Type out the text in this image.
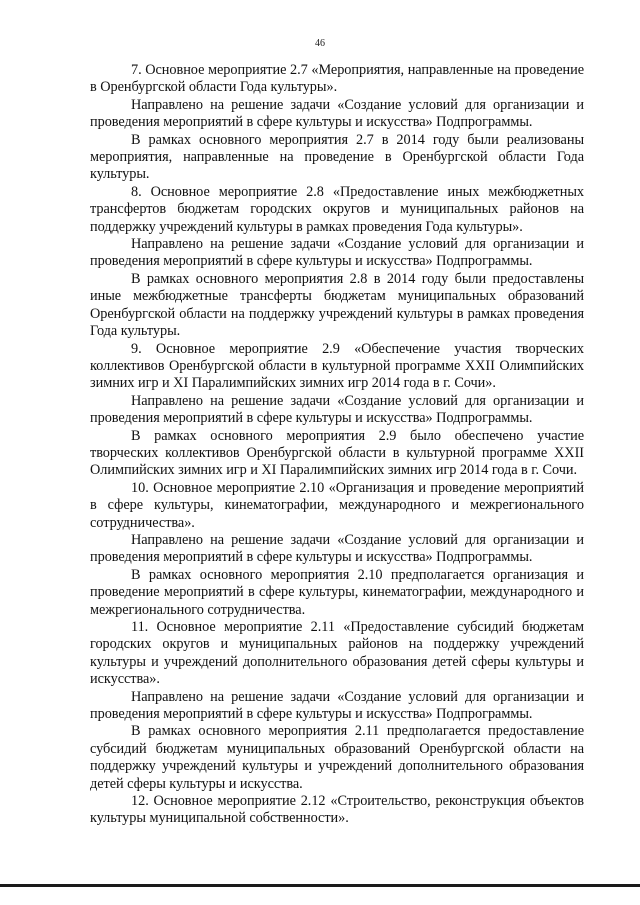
46

7. Основное мероприятие 2.7 «Мероприятия, направленные на проведение в Оренбургской области Года культуры».

Направлено на решение задачи «Создание условий для организации и проведения мероприятий в сфере культуры и искусства» Подпрограммы.

В рамках основного мероприятия 2.7 в 2014 году были реализованы мероприятия, направленные на проведение в Оренбургской области Года культуры.

8. Основное мероприятие 2.8 «Предоставление иных межбюджетных трансфертов бюджетам городских округов и муниципальных районов на поддержку учреждений культуры в рамках проведения Года культуры».

Направлено на решение задачи «Создание условий для организации и проведения мероприятий в сфере культуры и искусства» Подпрограммы.

В рамках основного мероприятия 2.8 в 2014 году были предоставлены иные межбюджетные трансферты бюджетам муниципальных образований Оренбургской области на поддержку учреждений культуры в рамках проведения Года культуры.

9. Основное мероприятие 2.9 «Обеспечение участия творческих коллективов Оренбургской области в культурной программе XXII Олимпийских зимних игр и XI Паралимпийских зимних игр 2014 года в г. Сочи».

Направлено на решение задачи «Создание условий для организации и проведения мероприятий в сфере культуры и искусства» Подпрограммы.

В рамках основного мероприятия 2.9 было обеспечено участие творческих коллективов Оренбургской области в культурной программе XXII Олимпийских зимних игр и XI Паралимпийских зимних игр 2014 года в г. Сочи.

10. Основное мероприятие 2.10 «Организация и проведение мероприятий в сфере культуры, кинематографии, международного и межрегионального сотрудничества».

Направлено на решение задачи «Создание условий для организации и проведения мероприятий в сфере культуры и искусства» Подпрограммы.

В рамках основного мероприятия 2.10 предполагается организация и проведение мероприятий в сфере культуры, кинематографии, международного и межрегионального сотрудничества.

11. Основное мероприятие 2.11 «Предоставление субсидий бюджетам городских округов и муниципальных районов на поддержку учреждений культуры и учреждений дополнительного образования детей сферы культуры и искусства».

Направлено на решение задачи «Создание условий для организации и проведения мероприятий в сфере культуры и искусства» Подпрограммы.

В рамках основного мероприятия 2.11 предполагается предоставление субсидий бюджетам муниципальных образований Оренбургской области на поддержку учреждений культуры и учреждений дополнительного образования детей сферы культуры и искусства.

12. Основное мероприятие 2.12 «Строительство, реконструкция объектов культуры муниципальной собственности».
